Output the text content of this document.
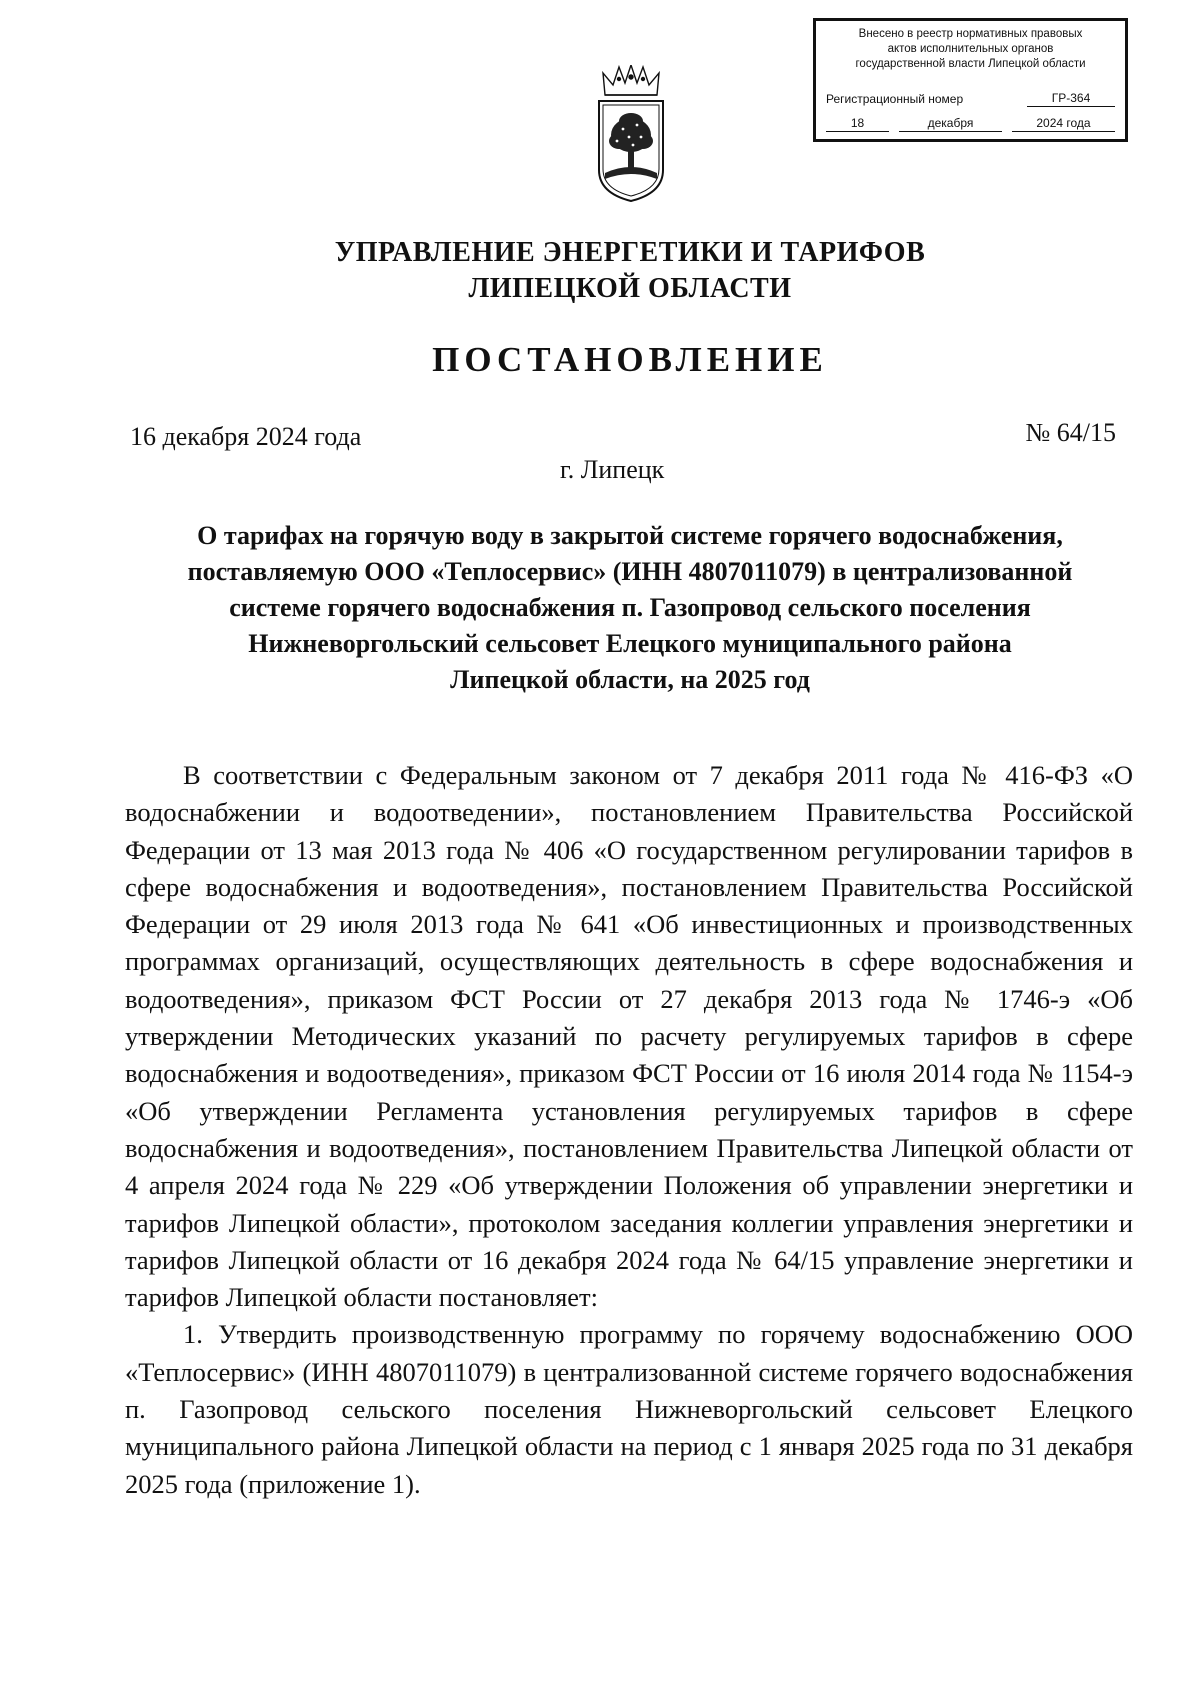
Внесено в реестр нормативных правовых
актов исполнительных органов
государственной власти Липецкой области
Регистрационный номер	ГР-364
18	декабря	2024 года
УПРАВЛЕНИЕ ЭНЕРГЕТИКИ И ТАРИФОВ
ЛИПЕЦКОЙ ОБЛАСТИ
ПОСТАНОВЛЕНИЕ
16 декабря 2024 года	№ 64/15
г. Липецк
О тарифах на горячую воду в закрытой системе горячего водоснабжения,
поставляемую ООО «Теплосервис» (ИНН 4807011079) в централизованной
системе горячего водоснабжения п. Газопровод сельского поселения
Нижневоргольский сельсовет Елецкого муниципального района
Липецкой области, на 2025 год

В соответствии с Федеральным законом от 7 декабря 2011 года № 416-ФЗ «О водоснабжении и водоотведении», постановлением Правительства Российской Федерации от 13 мая 2013 года № 406 «О государственном регулировании тарифов в сфере водоснабжения и водоотведения», постановлением Правительства Российской Федерации от 29 июля 2013 года № 641 «Об инвестиционных и производственных программах организаций, осуществляющих деятельность в сфере водоснабжения и водоотведения», приказом ФСТ России от 27 декабря 2013 года № 1746-э «Об утверждении Методических указаний по расчету регулируемых тарифов в сфере водоснабжения и водоотведения», приказом ФСТ России от 16 июля 2014 года № 1154-э «Об утверждении Регламента установления регулируемых тарифов в сфере водоснабжения и водоотведения», постановлением Правительства Липецкой области от 4 апреля 2024 года № 229 «Об утверждении Положения об управлении энергетики и тарифов Липецкой области», протоколом заседания коллегии управления энергетики и тарифов Липецкой области от 16 декабря 2024 года № 64/15 управление энергетики и тарифов Липецкой области постановляет:

1. Утвердить производственную программу по горячему водоснабжению ООО «Теплосервис» (ИНН 4807011079) в централизованной системе горячего водоснабжения п. Газопровод сельского поселения Нижневоргольский сельсовет Елецкого муниципального района Липецкой области на период с 1 января 2025 года по 31 декабря 2025 года (приложение 1).
